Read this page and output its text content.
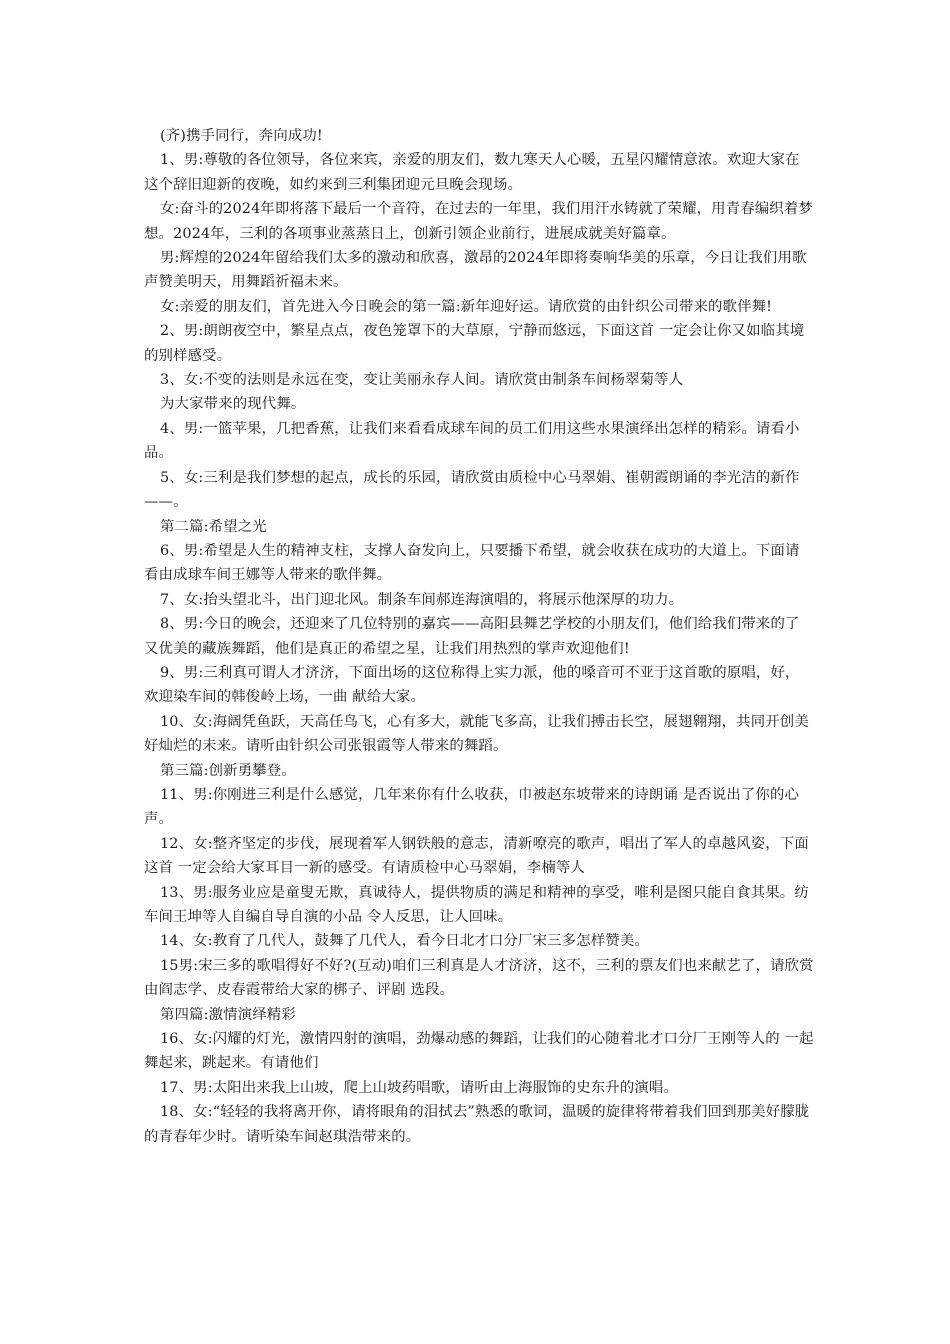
(齐)携手同行，奔向成功!

1、男:尊敬的各位领导，各位来宾，亲爱的朋友们，数九寒天人心暖，五星闪耀情意浓。欢迎大家在这个辞旧迎新的夜晚，如约来到三利集团迎元旦晚会现场。

女:奋斗的2024年即将落下最后一个音符，在过去的一年里，我们用汗水铸就了荣耀，用青春编织着梦想。2024年，三利的各项事业蒸蒸日上，创新引领企业前行，进展成就美好篇章。

男:辉煌的2024年留给我们太多的激动和欣喜，激昂的2024年即将奏响华美的乐章，今日让我们用歌声赞美明天，用舞蹈祈福未来。

女:亲爱的朋友们，首先进入今日晚会的第一篇:新年迎好运。请欣赏的由针织公司带来的歌伴舞!

2、男:朗朗夜空中，繁星点点，夜色笼罩下的大草原，宁静而悠远，下面这首 一定会让你又如临其境的别样感受。

3、女:不变的法则是永远在变，变让美丽永存人间。请欣赏由制条车间杨翠菊等人

为大家带来的现代舞。

4、男:一篮苹果，几把香蕉，让我们来看看成球车间的员工们用这些水果演绎出怎样的精彩。请看小品。

5、女:三利是我们梦想的起点，成长的乐园，请欣赏由质检中心马翠娟、崔朝霞朗诵的李光洁的新作——。

第二篇:希望之光

6、男:希望是人生的精神支柱，支撑人奋发向上，只要播下希望，就会收获在成功的大道上。下面请看由成球车间王娜等人带来的歌伴舞。

7、女:抬头望北斗，出门迎北风。制条车间郝连海演唱的，将展示他深厚的功力。

8、男:今日的晚会，还迎来了几位特别的嘉宾——高阳县舞艺学校的小朋友们，他们给我们带来的了又优美的藏族舞蹈，他们是真正的希望之星，让我们用热烈的掌声欢迎他们!

9、男:三利真可谓人才济济，下面出场的这位称得上实力派，他的嗓音可不亚于这首歌的原唱，好，欢迎染车间的韩俊岭上场，一曲 献给大家。

10、女:海阔凭鱼跃，天高任鸟飞，心有多大，就能飞多高，让我们搏击长空，展翅翱翔，共同开创美好灿烂的未来。请听由针织公司张银霞等人带来的舞蹈。

第三篇:创新勇攀登。

11、男:你刚进三利是什么感觉，几年来你有什么收获，巾被赵东坡带来的诗朗诵 是否说出了你的心声。

12、女:整齐坚定的步伐，展现着军人钢铁般的意志，清新嘹亮的歌声，唱出了军人的卓越风姿，下面这首 一定会给大家耳目一新的感受。有请质检中心马翠娟，李楠等人

13、男:服务业应是童叟无欺，真诚待人，提供物质的满足和精神的享受，唯利是图只能自食其果。纺车间王坤等人自编自导自演的小品 令人反思，让人回味。

14、女:教育了几代人，鼓舞了几代人，看今日北才口分厂宋三多怎样赞美。

15男:宋三多的歌唱得好不好?(互动)咱们三利真是人才济济，这不，三利的票友们也来献艺了，请欣赏由阎志学、皮春霞带给大家的梆子、评剧 选段。

第四篇:激情演绎精彩

16、女:闪耀的灯光，激情四射的演唱，劲爆动感的舞蹈，让我们的心随着北才口分厂王刚等人的 一起舞起来，跳起来。有请他们

17、男:太阳出来我上山坡，爬上山坡药唱歌，请听由上海服饰的史东升的演唱。

18、女:“轻轻的我将离开你，请将眼角的泪拭去”熟悉的歌词，温暖的旋律将带着我们回到那美好朦胧的青春年少时。请听染车间赵琪浩带来的。
